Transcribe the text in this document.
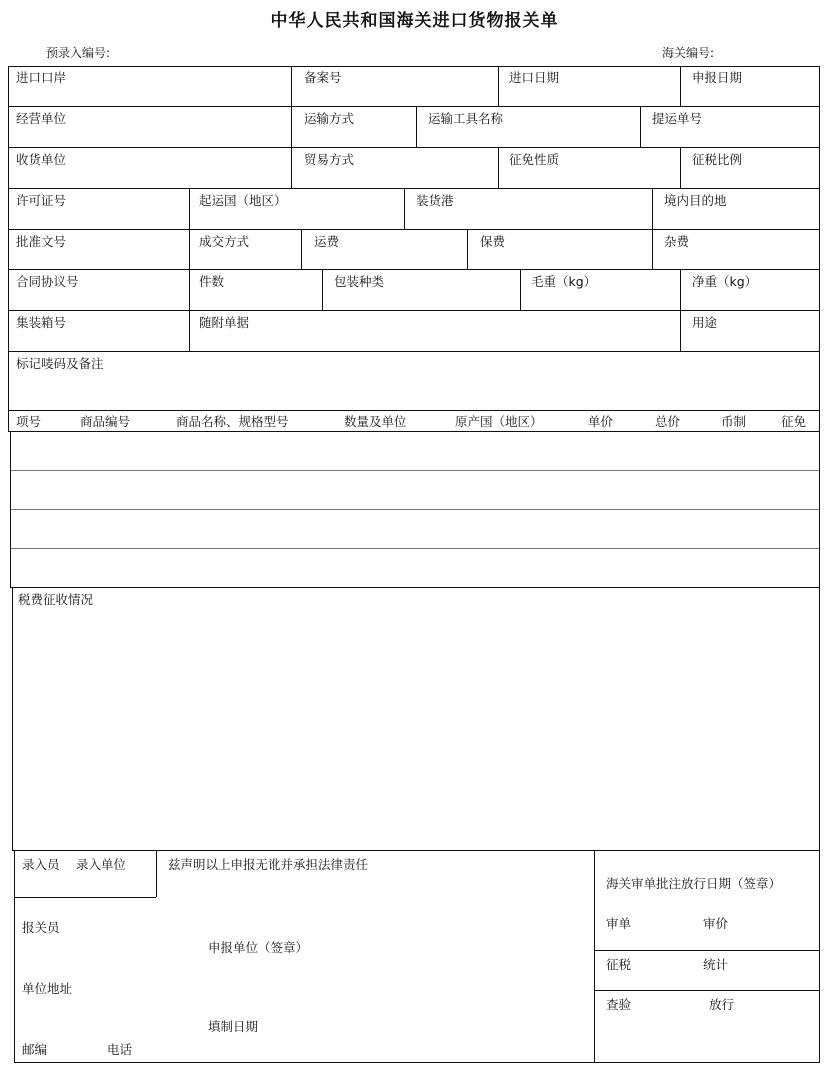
中华人民共和国海关进口货物报关单
预录入编号:	海关编号:
进口口岸	备案号	进口日期	申报日期
经营单位	运输方式	运输工具名称	提运单号
收货单位	贸易方式	征免性质	征税比例
许可证号	起运国（地区）	装货港	境内目的地
批准文号	成交方式	运费	保费	杂费
合同协议号	件数	包装种类	毛重（kg）	净重（kg）
集装箱号	随附单据	用途
标记唛码及备注
项号	商品编号	商品名称、规格型号	数量及单位	原产国（地区）	单价	总价	币制	征免
税费征收情况
录入员 录入单位	兹声明以上申报无讹并承担法律责任
报关员
申报单位（签章）
单位地址
填制日期
邮编	电话
海关审单批注放行日期（签章）
审单	审价
征税	统计
查验	放行
